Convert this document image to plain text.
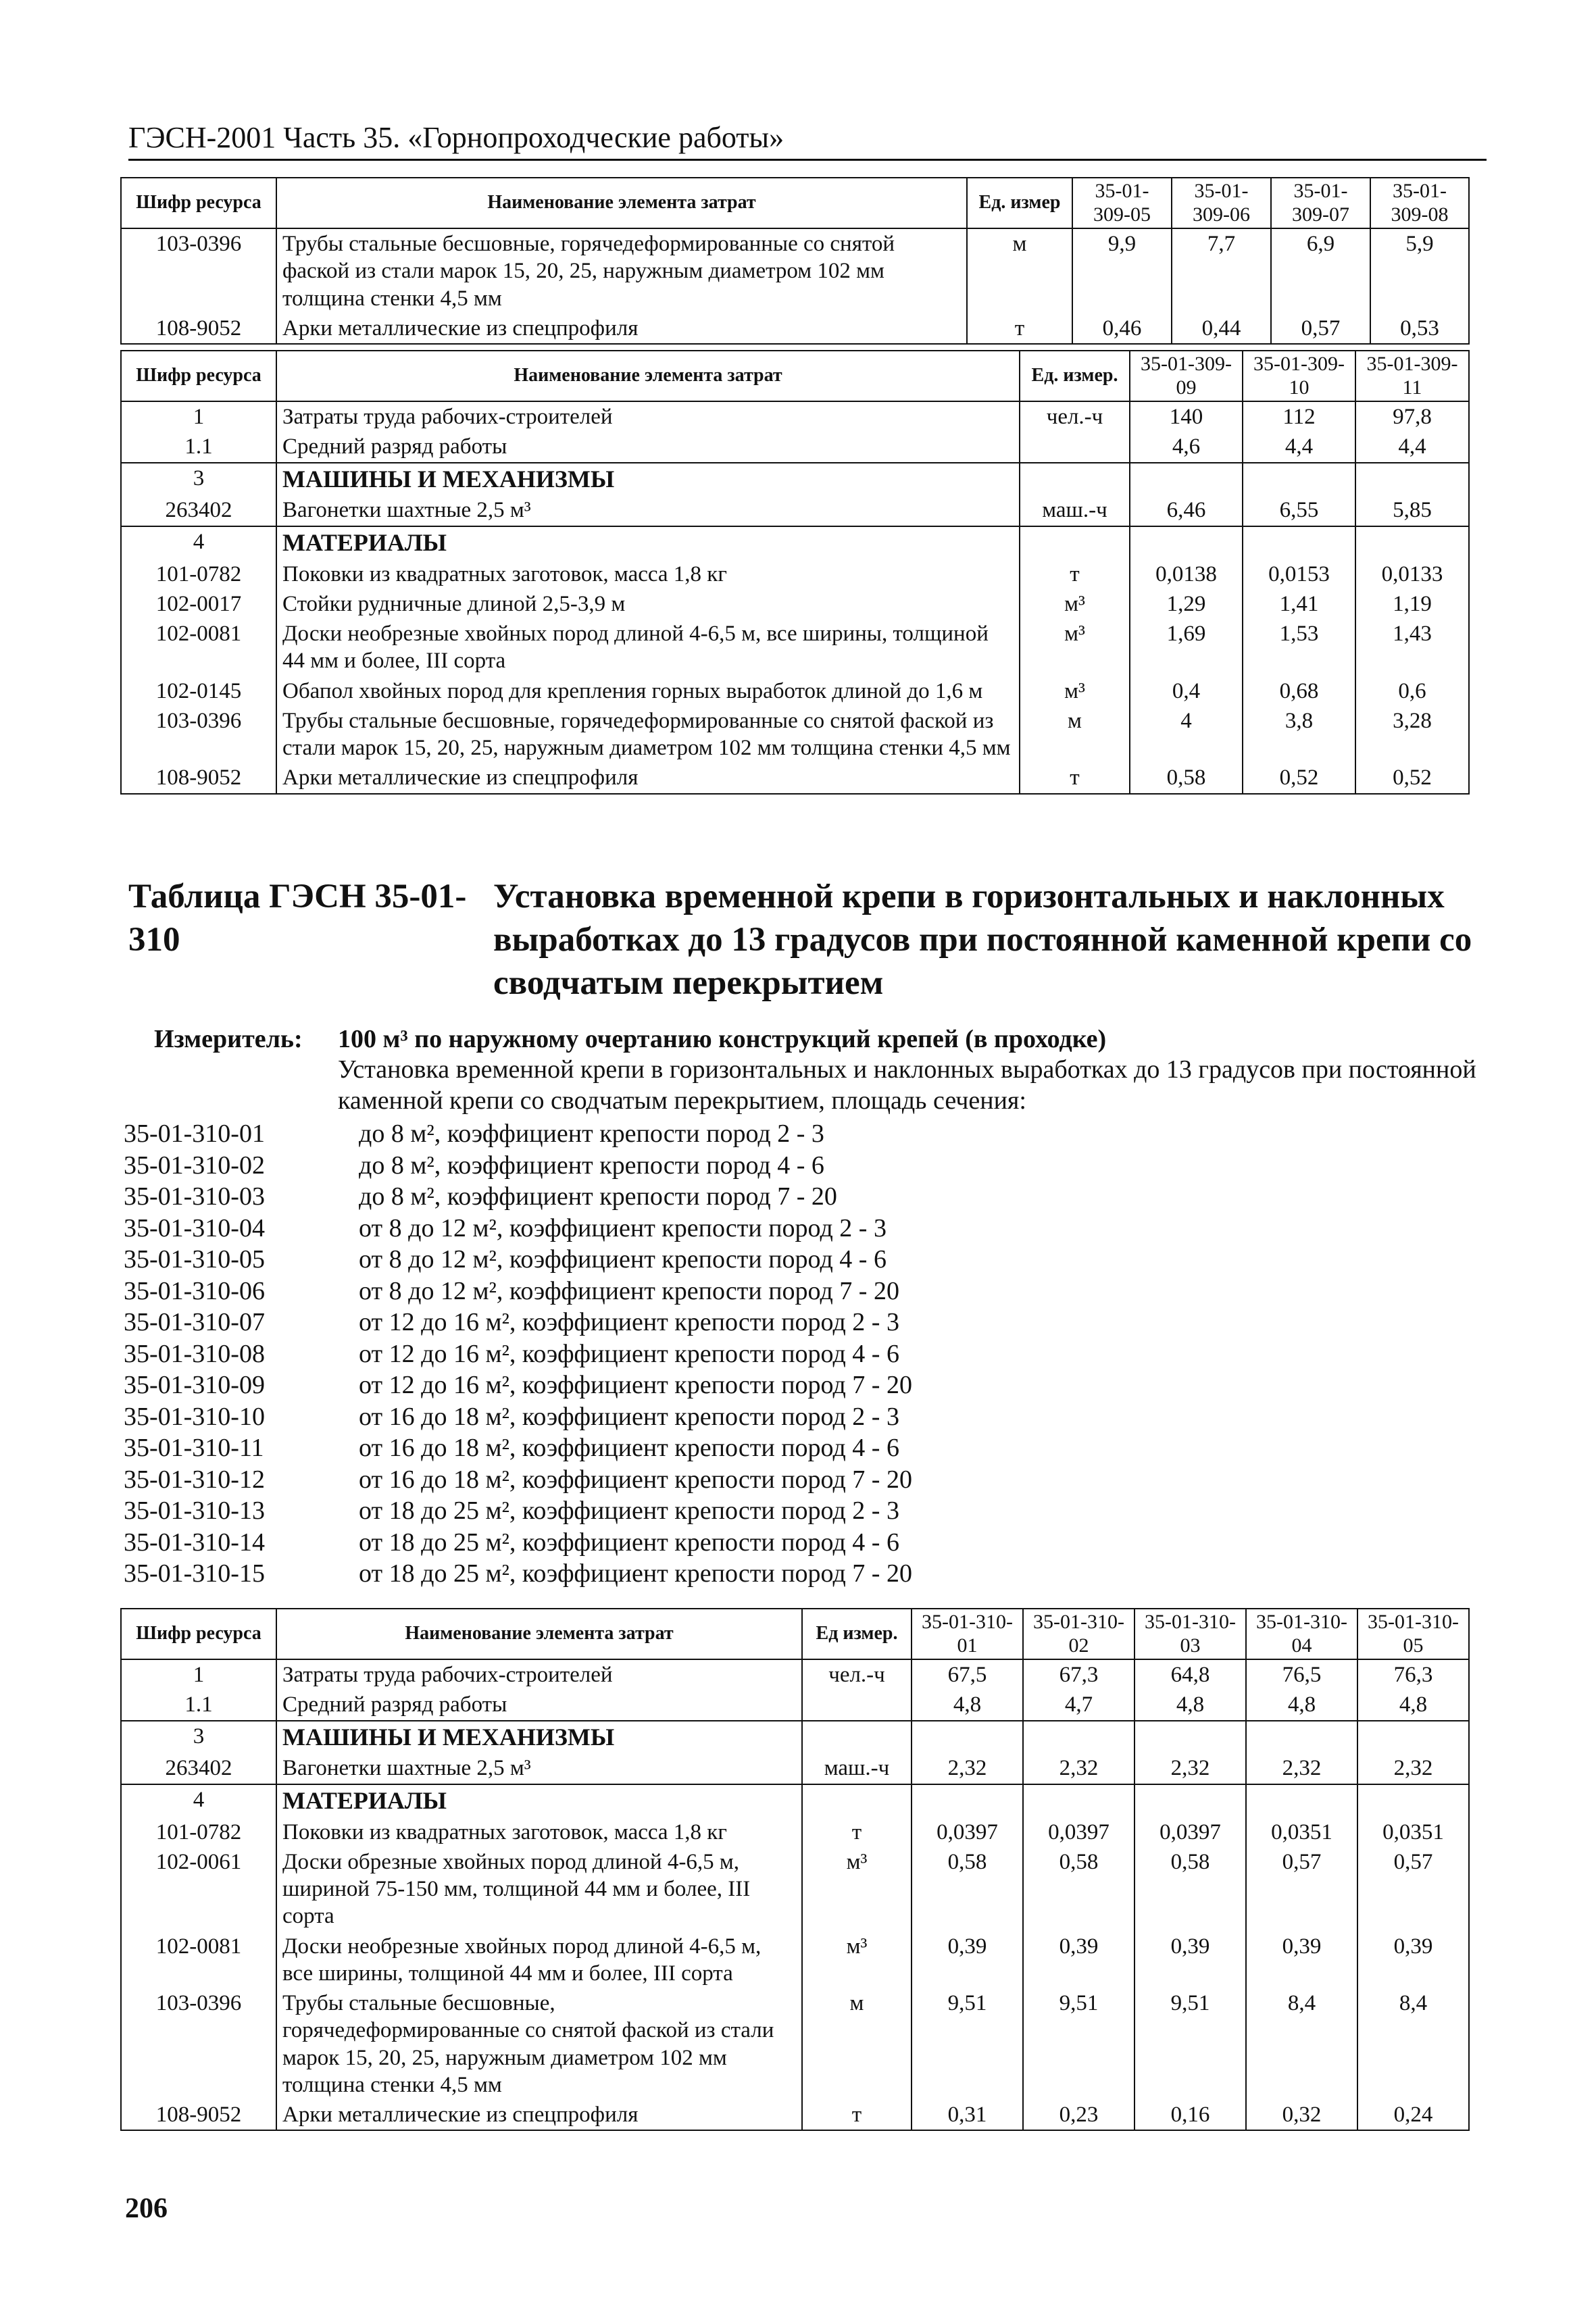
ГЭСН-2001 Часть 35. «Горнопроходческие работы»
Шифр ресурса	Наименование элемента затрат	Ед. измер	35-01-309-05	35-01-309-06	35-01-309-07	35-01-309-08
103-0396	Трубы стальные бесшовные, горячедеформированные со снятой фаской из стали марок 15, 20, 25, наружным диаметром 102 мм толщина стенки 4,5 мм	м	9,9	7,7	6,9	5,9
108-9052	Арки металлические из спецпрофиля	т	0,46	0,44	0,57	0,53
Шифр ресурса	Наименование элемента затрат	Ед. измер.	35-01-309-09	35-01-309-10	35-01-309-11
1	Затраты труда рабочих-строителей	чел.-ч	140	112	97,8
1.1	Средний разряд работы		4,6	4,4	4,4
3	МАШИНЫ И МЕХАНИЗМЫ				
263402	Вагонетки шахтные 2,5 м³	маш.-ч	6,46	6,55	5,85
4	МАТЕРИАЛЫ				
101-0782	Поковки из квадратных заготовок, масса 1,8 кг	т	0,0138	0,0153	0,0133
102-0017	Стойки рудничные длиной 2,5-3,9 м	м³	1,29	1,41	1,19
102-0081	Доски необрезные хвойных пород длиной 4-6,5 м, все ширины, толщиной 44 мм и более, III сорта	м³	1,69	1,53	1,43
102-0145	Обапол хвойных пород для крепления горных выработок длиной до 1,6 м	м³	0,4	0,68	0,6
103-0396	Трубы стальные бесшовные, горячедеформированные со снятой фаской из стали марок 15, 20, 25, наружным диаметром 102 мм толщина стенки 4,5 мм	м	4	3,8	3,28
108-9052	Арки металлические из спецпрофиля	т	0,58	0,52	0,52
Таблица ГЭСН 35-01-310Установка временной крепи в горизонтальных и наклонных выработках до 13 градусов при постоянной каменной крепи со сводчатым перекрытием
Измеритель: 100 м³ по наружному очертанию конструкций крепей (в проходке)
Установка временной крепи в горизонтальных и наклонных выработках до 13 градусов при постоянной каменной крепи со сводчатым перекрытием, площадь сечения:
35-01-310-01	до 8 м², коэффициент крепости пород 2 - 3
35-01-310-02	до 8 м², коэффициент крепости пород 4 - 6
35-01-310-03	до 8 м², коэффициент крепости пород 7 - 20
35-01-310-04	от 8 до 12 м², коэффициент крепости пород 2 - 3
35-01-310-05	от 8 до 12 м², коэффициент крепости пород 4 - 6
35-01-310-06	от 8 до 12 м², коэффициент крепости пород 7 - 20
35-01-310-07	от 12 до 16 м², коэффициент крепости пород 2 - 3
35-01-310-08	от 12 до 16 м², коэффициент крепости пород 4 - 6
35-01-310-09	от 12 до 16 м², коэффициент крепости пород 7 - 20
35-01-310-10	от 16 до 18 м², коэффициент крепости пород 2 - 3
35-01-310-11	от 16 до 18 м², коэффициент крепости пород 4 - 6
35-01-310-12	от 16 до 18 м², коэффициент крепости пород 7 - 20
35-01-310-13	от 18 до 25 м², коэффициент крепости пород 2 - 3
35-01-310-14	от 18 до 25 м², коэффициент крепости пород 4 - 6
35-01-310-15	от 18 до 25 м², коэффициент крепости пород 7 - 20
Шифр ресурса	Наименование элемента затрат	Ед измер.	35-01-310-01	35-01-310-02	35-01-310-03	35-01-310-04	35-01-310-05
1	Затраты труда рабочих-строителей	чел.-ч	67,5	67,3	64,8	76,5	76,3
1.1	Средний разряд работы		4,8	4,7	4,8	4,8	4,8
3	МАШИНЫ И МЕХАНИЗМЫ						
263402	Вагонетки шахтные 2,5 м³	маш.-ч	2,32	2,32	2,32	2,32	2,32
4	МАТЕРИАЛЫ						
101-0782	Поковки из квадратных заготовок, масса 1,8 кг	т	0,0397	0,0397	0,0397	0,0351	0,0351
102-0061	Доски обрезные хвойных пород длиной 4-6,5 м, шириной 75-150 мм, толщиной 44 мм и более, III сорта	м³	0,58	0,58	0,58	0,57	0,57
102-0081	Доски необрезные хвойных пород длиной 4-6,5 м, все ширины, толщиной 44 мм и более, III сорта	м³	0,39	0,39	0,39	0,39	0,39
103-0396	Трубы стальные бесшовные, горячедеформированные со снятой фаской из стали марок 15, 20, 25, наружным диаметром 102 мм толщина стенки 4,5 мм	м	9,51	9,51	9,51	8,4	8,4
108-9052	Арки металлические из спецпрофиля	т	0,31	0,23	0,16	0,32	0,24
206
